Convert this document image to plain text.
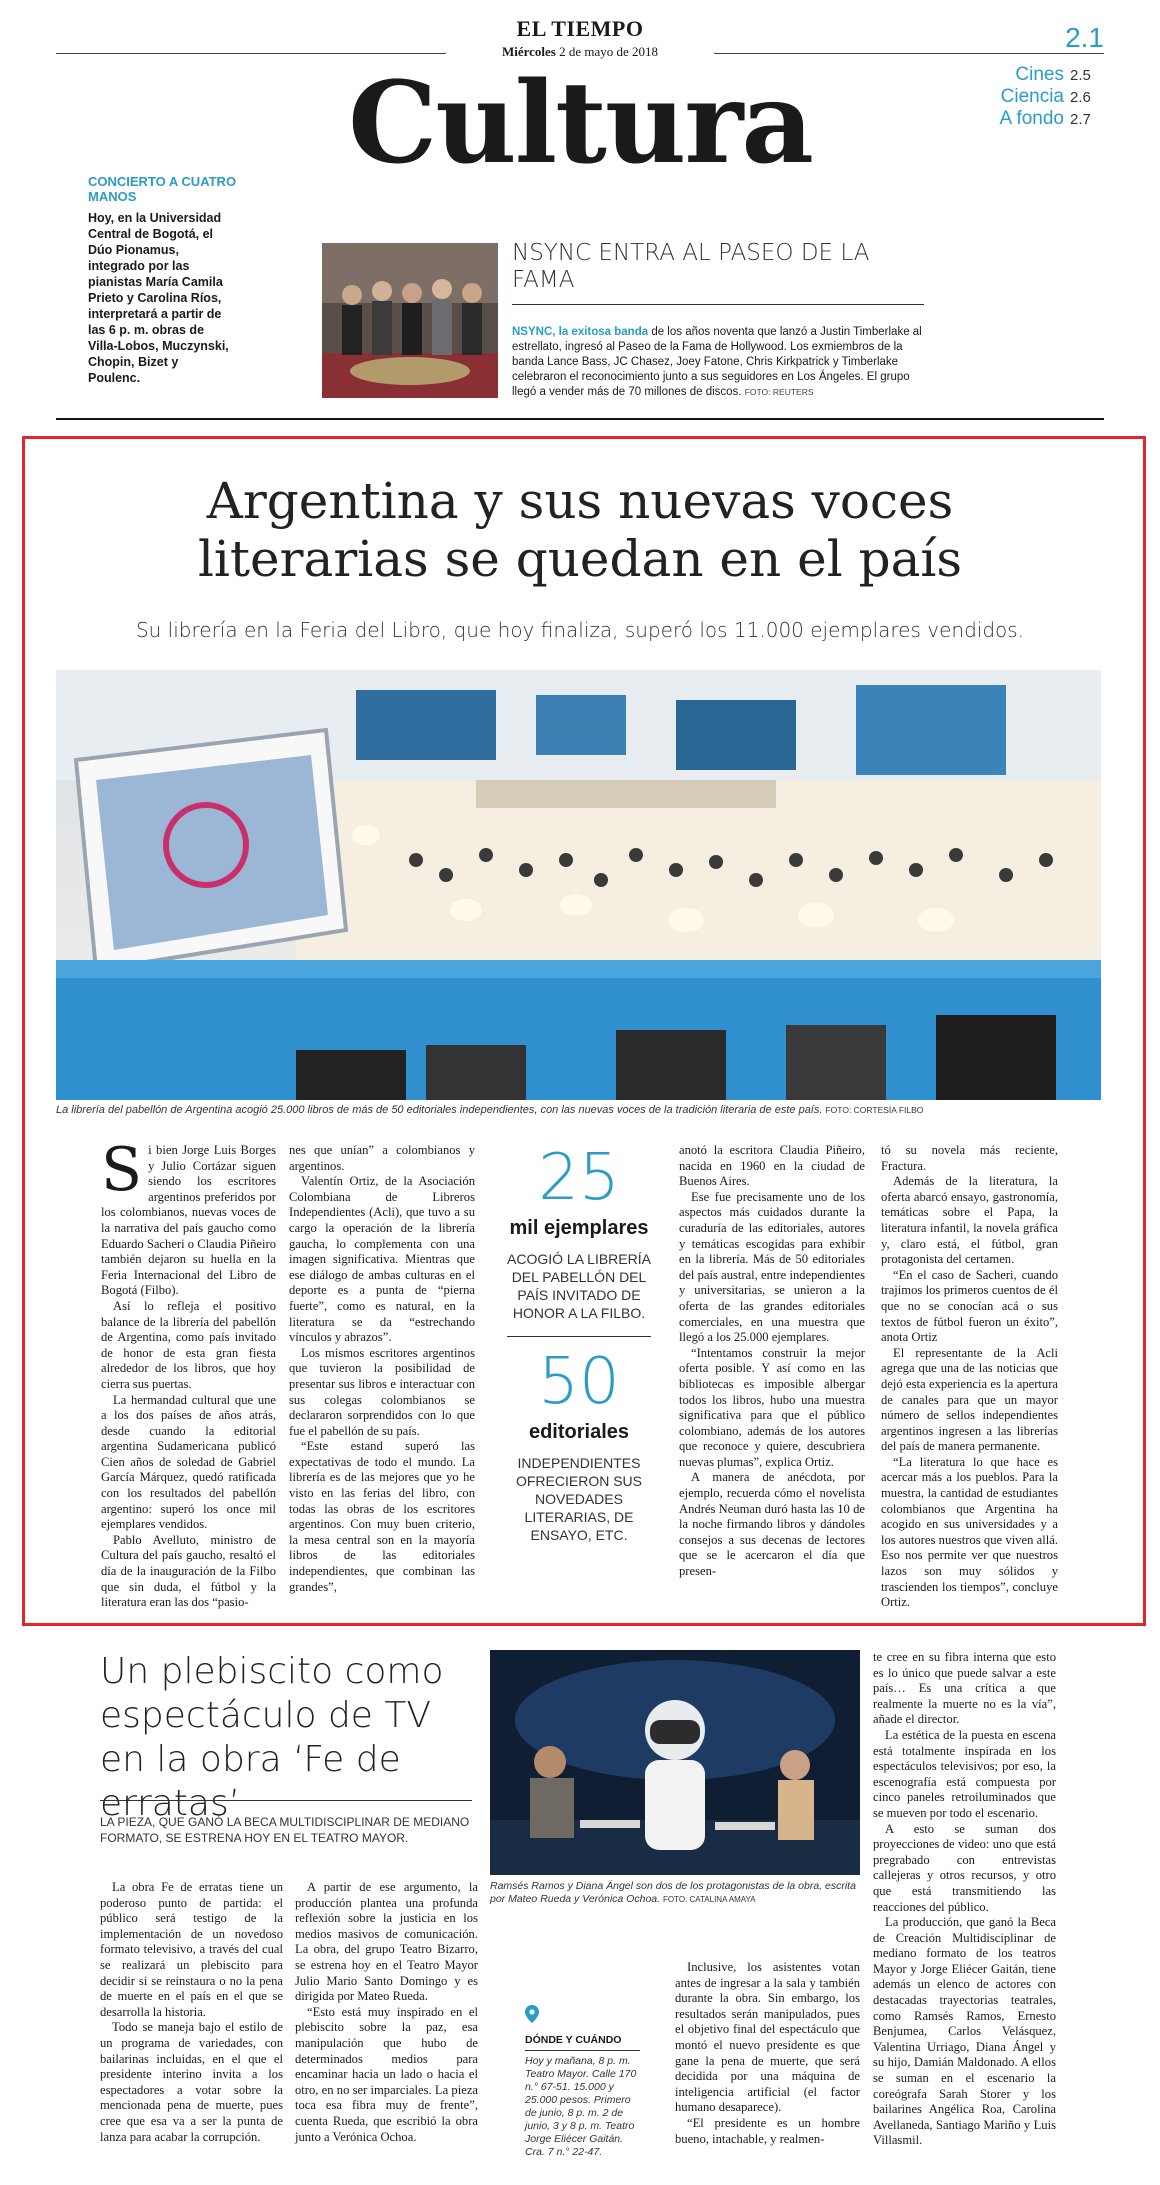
EL TIEMPO
Miércoles 2 de mayo de 2018	2.1
Cultura	Cines 2.5
Ciencia 2.6
A fondo 2.7
CONCIERTO A CUATRO MANOS
Hoy, en la Universidad Central de Bogotá, el Dúo Pionamus, integrado por las pianistas María Camila Prieto y Carolina Ríos, interpretará a partir de las 6 p. m. obras de Villa-Lobos, Muczynski, Chopin, Bizet y Poulenc.
NSYNC ENTRA AL PASEO DE LA FAMA
NSYNC, la exitosa banda de los años noventa que lanzó a Justin Timberlake al estrellato, ingresó al Paseo de la Fama de Hollywood. Los exmiembros de la banda Lance Bass, JC Chasez, Joey Fatone, Chris Kirkpatrick y Timberlake celebraron el reconocimiento junto a sus seguidores en Los Ángeles. El grupo llegó a vender más de 70 millones de discos. FOTO: REUTERS
Argentina y sus nuevas voces
literarias se quedan en el país
Su librería en la Feria del Libro, que hoy finaliza, superó los 11.000 ejemplares vendidos.
La librería del pabellón de Argentina acogió 25.000 libros de más de 50 editoriales independientes, con las nuevas voces de la tradición literaria de este país. FOTO: CORTESÍA FILBO

Si bien Jorge Luis Borges y Julio Cortázar siguen siendo los escritores argentinos preferidos por los colombianos, nuevas voces de la narrativa del país gaucho como Eduardo Sacheri o Claudia Piñeiro también dejaron su huella en la Feria Internacional del Libro de Bogotá (Filbo).

Así lo refleja el positivo balance de la librería del pabellón de Argentina, como país invitado de honor de esta gran fiesta alrededor de los libros, que hoy cierra sus puertas.

La hermandad cultural que une a los dos países de años atrás, desde cuando la editorial argentina Sudamericana publicó Cien años de soledad de Gabriel García Márquez, quedó ratificada con los resultados del pabellón argentino: superó los once mil ejemplares vendidos.

Pablo Avelluto, ministro de Cultura del país gaucho, resaltó el día de la inauguración de la Filbo que sin duda, el fútbol y la literatura eran las dos “pasio-

nes que unían” a colombianos y argentinos.

Valentín Ortiz, de la Asociación Colombiana de Libreros Independientes (Acli), que tuvo a su cargo la operación de la librería gaucha, lo complementa con una imagen significativa. Mientras que ese diálogo de ambas culturas en el deporte es a punta de “pierna fuerte”, como es natural, en la literatura se da “estrechando vínculos y abrazos”.

Los mismos escritores argentinos que tuvieron la posibilidad de presentar sus libros e interactuar con sus colegas colombianos se declararon sorprendidos con lo que fue el pabellón de su país.

“Este estand superó las expectativas de todo el mundo. La librería es de las mejores que yo he visto en las ferias del libro, con todas las obras de los escritores argentinos. Con muy buen criterio, la mesa central son en la mayoría libros de las editoriales independientes, que combinan las grandes”,

25
mil ejemplares
ACOGIÓ LA LIBRERÍA DEL PABELLÓN DEL PAÍS INVITADO DE HONOR A LA FILBO.
50
editoriales
INDEPENDIENTES OFRECIERON SUS NOVEDADES LITERARIAS, DE ENSAYO, ETC.

anotó la escritora Claudia Piñeiro, nacida en 1960 en la ciudad de Buenos Aires.

Ese fue precisamente uno de los aspectos más cuidados durante la curaduría de las editoriales, autores y temáticas escogidas para exhibir en la librería. Más de 50 editoriales del país austral, entre independientes y universitarias, se unieron a la oferta de las grandes editoriales comerciales, en una muestra que llegó a los 25.000 ejemplares.

“Intentamos construir la mejor oferta posible. Y así como en las bibliotecas es imposible albergar todos los libros, hubo una muestra significativa para que el público colombiano, además de los autores que reconoce y quiere, descubriera nuevas plumas”, explica Ortiz.

A manera de anécdota, por ejemplo, recuerda cómo el novelista Andrés Neuman duró hasta las 10 de la noche firmando libros y dándoles consejos a sus decenas de lectores que se le acercaron el día que presen-

tó su novela más reciente, Fractura.

Además de la literatura, la oferta abarcó ensayo, gastronomía, temáticas sobre el Papa, la literatura infantil, la novela gráfica y, claro está, el fútbol, gran protagonista del certamen.

“En el caso de Sacheri, cuando trajimos los primeros cuentos de él que no se conocían acá o sus textos de fútbol fueron un éxito”, anota Ortiz

El representante de la Acli agrega que una de las noticias que dejó esta experiencia es la apertura de canales para que un mayor número de sellos independientes argentinos ingresen a las librerías del país de manera permanente.

“La literatura lo que hace es acercar más a los pueblos. Para la muestra, la cantidad de estudiantes colombianos que Argentina ha acogido en sus universidades y a los autores nuestros que viven allá. Eso nos permite ver que nuestros lazos son muy sólidos y trascienden los tiempos”, concluye Ortiz.

Un plebiscito como espectáculo de TV en la obra ‘Fe de erratas’
LA PIEZA, QUE GANÓ LA BECA MULTIDISCIPLINAR DE MEDIANO FORMATO, SE ESTRENA HOY EN EL TEATRO MAYOR.

La obra Fe de erratas tiene un poderoso punto de partida: el público será testigo de la implementación de un novedoso formato televisivo, a través del cual se realizará un plebiscito para decidir si se reinstaura o no la pena de muerte en el país en el que se desarrolla la historia.

Todo se maneja bajo el estilo de un programa de variedades, con bailarinas incluidas, en el que el presidente interino invita a los espectadores a votar sobre la mencionada pena de muerte, pues cree que esa va a ser la punta de lanza para acabar la corrupción.

A partir de ese argumento, la producción plantea una profunda reflexión sobre la justicia en los medios masivos de comunicación. La obra, del grupo Teatro Bizarro, se estrena hoy en el Teatro Mayor Julio Mario Santo Domingo y es dirigida por Mateo Rueda.

“Esto está muy inspirado en el plebiscito sobre la paz, esa manipulación que hubo de determinados medios para encaminar hacia un lado o hacia el otro, en no ser imparciales. La pieza toca esa fibra muy de frente”, cuenta Rueda, que escribió la obra junto a Verónica Ochoa.

Ramsés Ramos y Diana Ángel son dos de los protagonistas de la obra, escrita por Mateo Rueda y Verónica Ochoa. FOTO: CATALINA AMAYA
DÓNDE Y CUÁNDO
Hoy y mañana, 8 p. m. Teatro Mayor. Calle 170 n.° 67-51. 15.000 y 25.000 pesos. Primero de junio, 8 p. m. 2 de junio, 3 y 8 p. m. Teatro Jorge Eliécer Gaitán. Cra. 7 n.° 22-47.

Inclusive, los asistentes votan antes de ingresar a la sala y también durante la obra. Sin embargo, los resultados serán manipulados, pues el objetivo final del espectáculo que montó el nuevo presidente es que gane la pena de muerte, que será decidida por una máquina de inteligencia artificial (el factor humano desaparece).

“El presidente es un hombre bueno, intachable, y realmen-

te cree en su fibra interna que esto es lo único que puede salvar a este país… Es una crítica a que realmente la muerte no es la vía”, añade el director.

La estética de la puesta en escena está totalmente inspirada en los espectáculos televisivos; por eso, la escenografía está compuesta por cinco paneles retroiluminados que se mueven por todo el escenario.

A esto se suman dos proyecciones de video: uno que está pregrabado con entrevistas callejeras y otros recursos, y otro que está transmitiendo las reacciones del público.

La producción, que ganó la Beca de Creación Multidisciplinar de mediano formato de los teatros Mayor y Jorge Eliécer Gaitán, tiene además un elenco de actores con destacadas trayectorias teatrales, como Ramsés Ramos, Ernesto Benjumea, Carlos Velásquez, Valentina Urriago, Diana Ángel y su hijo, Damián Maldonado. A ellos se suman en el escenario la coreógrafa Sarah Storer y los bailarines Angélica Roa, Carolina Avellaneda, Santiago Mariño y Luis Villasmil.
